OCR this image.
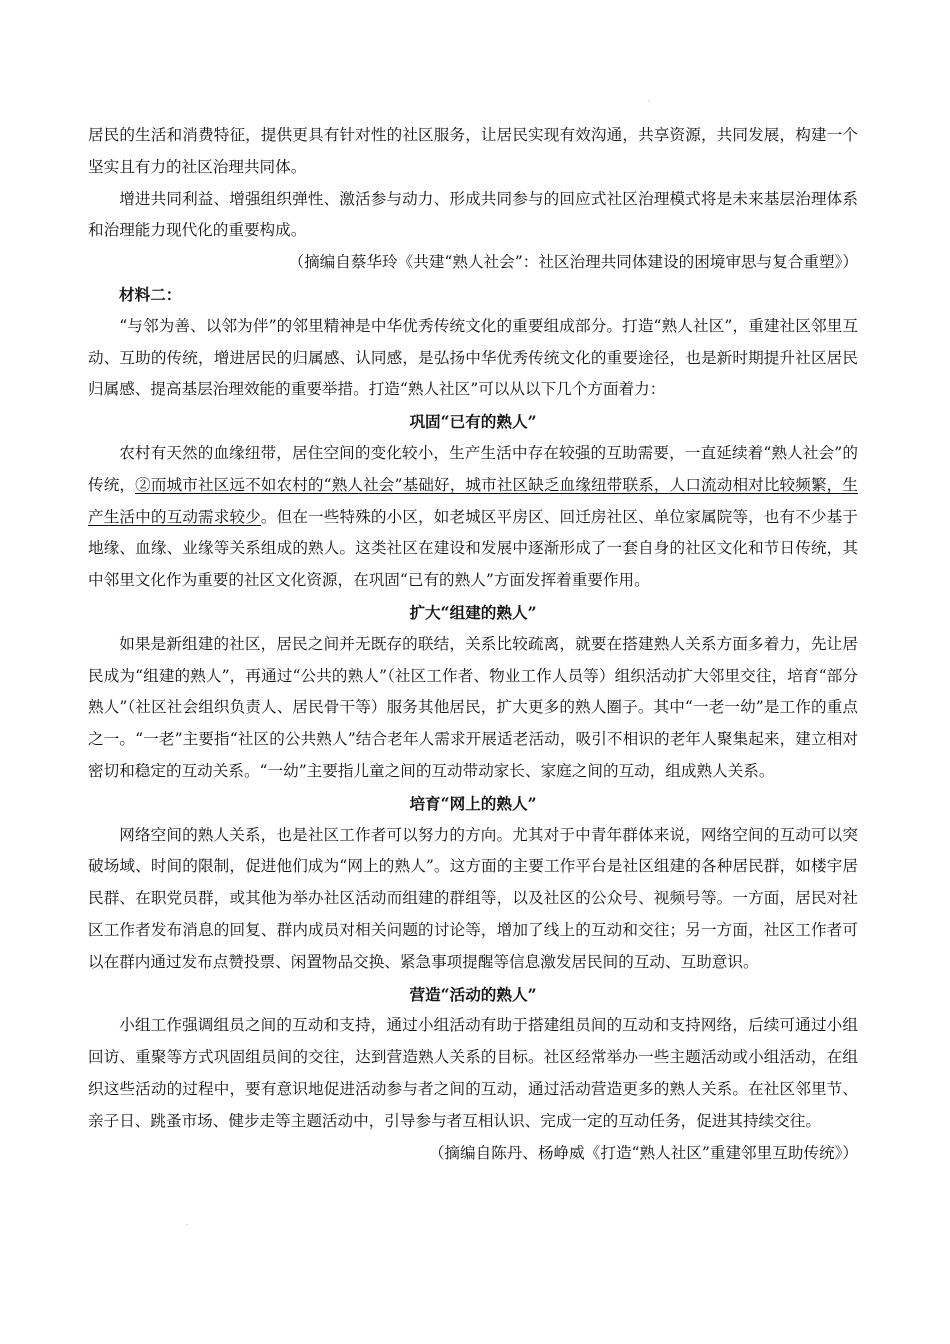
·
·

居民的生活和消费特征，提供更具有针对性的社区服务，让居民实现有效沟通，共享资源，共同发展，构建一个坚实且有力的社区治理共同体。

增进共同利益、增强组织弹性、激活参与动力、形成共同参与的回应式社区治理模式将是未来基层治理体系和治理能力现代化的重要构成。

（摘编自蔡华玲《共建“熟人社会”：社区治理共同体建设的困境审思与复合重塑》）

材料二：

“与邻为善、以邻为伴”的邻里精神是中华优秀传统文化的重要组成部分。打造“熟人社区”，重建社区邻里互动、互助的传统，增进居民的归属感、认同感，是弘扬中华优秀传统文化的重要途径，也是新时期提升社区居民归属感、提高基层治理效能的重要举措。打造“熟人社区”可以从以下几个方面着力：

巩固“已有的熟人”

农村有天然的血缘纽带，居住空间的变化较小，生产生活中存在较强的互助需要，一直延续着“熟人社会”的传统，②而城市社区远不如农村的“熟人社会”基础好，城市社区缺乏血缘纽带联系，人口流动相对比较频繁，生产生活中的互动需求较少。但在一些特殊的小区，如老城区平房区、回迁房社区、单位家属院等，也有不少基于地缘、血缘、业缘等关系组成的熟人。这类社区在建设和发展中逐渐形成了一套自身的社区文化和节日传统，其中邻里文化作为重要的社区文化资源，在巩固“已有的熟人”方面发挥着重要作用。

扩大“组建的熟人”

如果是新组建的社区，居民之间并无既存的联结，关系比较疏离，就要在搭建熟人关系方面多着力，先让居民成为“组建的熟人”，再通过“公共的熟人”（社区工作者、物业工作人员等）组织活动扩大邻里交往，培育“部分熟人”（社区社会组织负责人、居民骨干等）服务其他居民，扩大更多的熟人圈子。其中“一老一幼”是工作的重点之一。“一老”主要指“社区的公共熟人”结合老年人需求开展适老活动，吸引不相识的老年人聚集起来，建立相对密切和稳定的互动关系。“一幼”主要指儿童之间的互动带动家长、家庭之间的互动，组成熟人关系。

培育“网上的熟人”

网络空间的熟人关系，也是社区工作者可以努力的方向。尤其对于中青年群体来说，网络空间的互动可以突破场域、时间的限制，促进他们成为“网上的熟人”。这方面的主要工作平台是社区组建的各种居民群，如楼宇居民群、在职党员群，或其他为举办社区活动而组建的群组等，以及社区的公众号、视频号等。一方面，居民对社区工作者发布消息的回复、群内成员对相关问题的讨论等，增加了线上的互动和交往；另一方面，社区工作者可以在群内通过发布点赞投票、闲置物品交换、紧急事项提醒等信息激发居民间的互动、互助意识。

营造“活动的熟人”

小组工作强调组员之间的互动和支持，通过小组活动有助于搭建组员间的互动和支持网络，后续可通过小组回访、重聚等方式巩固组员间的交往，达到营造熟人关系的目标。社区经常举办一些主题活动或小组活动，在组织这些活动的过程中，要有意识地促进活动参与者之间的互动，通过活动营造更多的熟人关系。在社区邻里节、亲子日、跳蚤市场、健步走等主题活动中，引导参与者互相认识、完成一定的互动任务，促进其持续交往。

（摘编自陈丹、杨峥威《打造“熟人社区”重建邻里互助传统》）
